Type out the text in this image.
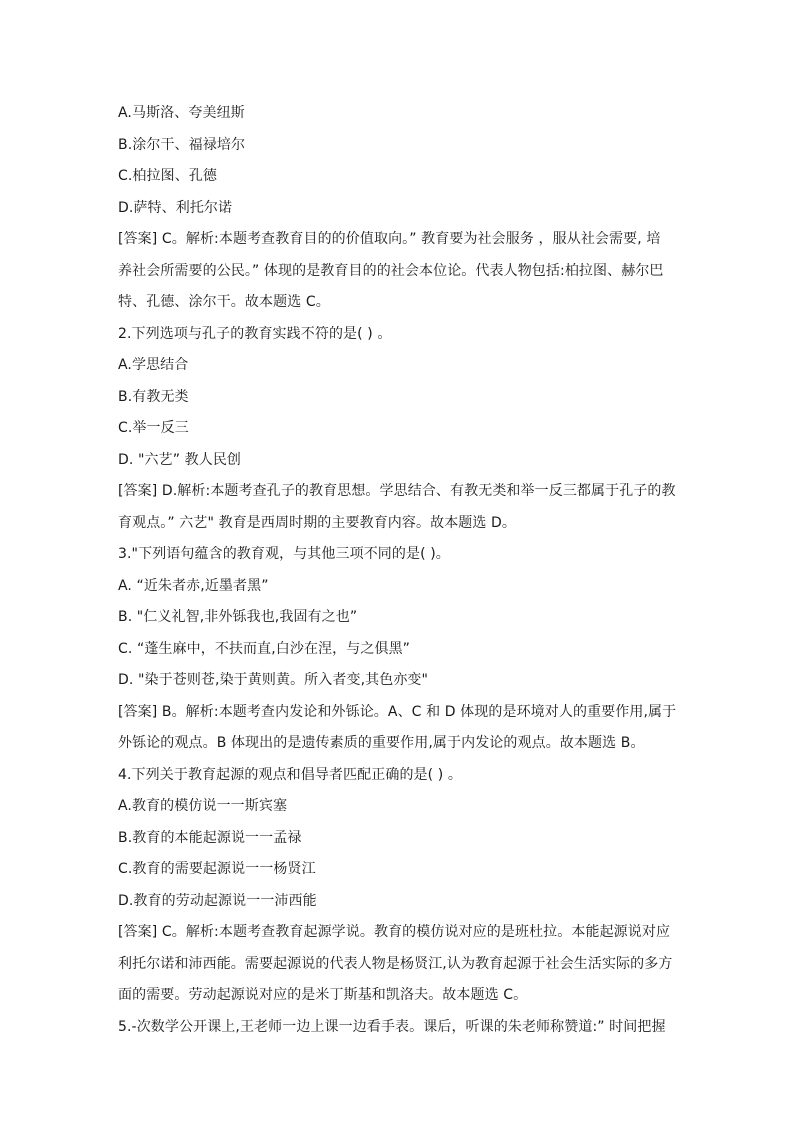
A.马斯洛、夸美纽斯
B.涂尔干、福禄培尔
C.柏拉图、孔德
D.萨特、利托尔诺
[答案] C。解析:本题考查教育目的的价值取向。” 教育要为社会服务 ，服从社会需要, 培
养社会所需要的公民。” 体现的是教育目的的社会本位论。代表人物包括:柏拉图、赫尔巴
特、孔德、涂尔干。故本题选 C。
2.下列选项与孔子的教育实践不符的是( ) 。
A.学思结合
B.有教无类
C.举一反三
D. "六艺” 教人民创
[答案] D.解析:本题考查孔子的教育思想。学思结合、有教无类和举一反三都属于孔子的教
育观点。” 六艺" 教育是西周时期的主要教育内容。故本题选 D。
3."下列语句蕴含的教育观，与其他三项不同的是( )。
A. “近朱者赤,近墨者黑”
B. "仁义礼智,非外铄我也,我固有之也”
C. “蓬生麻中，不扶而直,白沙在涅，与之俱黑”
D. "染于苍则苍,染于黄则黄。所入者变,其色亦变"
[答案] B。解析:本题考查内发论和外铄论。A、C 和 D 体现的是环境对人的重要作用,属于
外铄论的观点。B 体现出的是遗传素质的重要作用,属于内发论的观点。故本题选 B。
4.下列关于教育起源的观点和倡导者匹配正确的是( ) 。
A.教育的模仿说一一斯宾塞
B.教育的本能起源说一一孟禄
C.教育的需要起源说一一杨贤江
D.教育的劳动起源说一一沛西能
[答案] C。解析:本题考查教育起源学说。教育的模仿说对应的是班杜拉。本能起源说对应
利托尔诺和沛西能。需要起源说的代表人物是杨贤江,认为教育起源于社会生活实际的多方
面的需要。劳动起源说对应的是米丁斯基和凯洛夫。故本题选 C。
5.-次数学公开课上,王老师一边上课一边看手表。课后，听课的朱老师称赞道:” 时间把握
